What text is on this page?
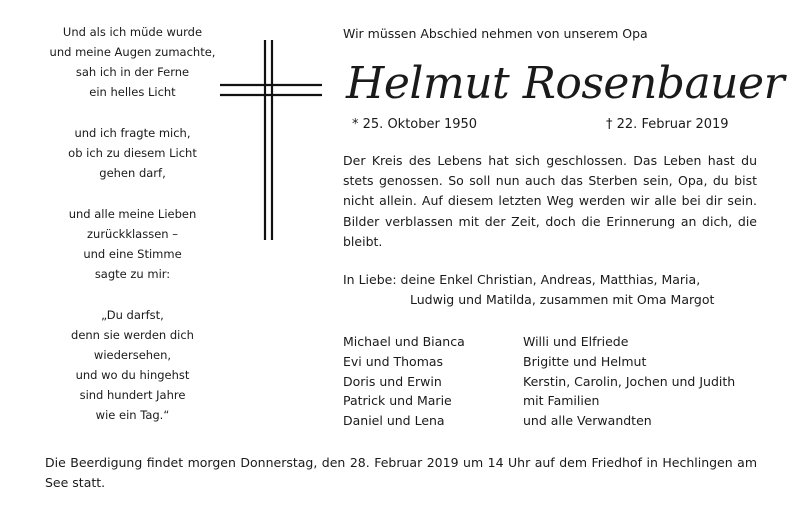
Und als ich müde wurde
und meine Augen zumachte,
sah ich in der Ferne
ein helles Licht
und ich fragte mich,
ob ich zu diesem Licht
gehen darf,
und alle meine Lieben
zurückklassen –
und eine Stimme
sagte zu mir:
„Du darfst,
denn sie werden dich
wiedersehen,
und wo du hingehst
sind hundert Jahre
wie ein Tag.“
Wir müssen Abschied nehmen von unserem Opa
Helmut Rosenbauer
* 25. Oktober 1950	† 22. Februar 2019
Der Kreis des Lebens hat sich geschlossen. Das Leben hast du stets genossen. So soll nun auch das Sterben sein, Opa, du bist nicht allein. Auf diesem letzten Weg werden wir alle bei dir sein. Bilder verblassen mit der Zeit, doch die Erinnerung an dich, die bleibt.
In Liebe: deine Enkel Christian, Andreas, Matthias, Maria,
Ludwig und Matilda, zusammen mit Oma Margot
Michael und Bianca
Evi und Thomas
Doris und Erwin
Patrick und Marie
Daniel und Lena
Willi und Elfriede
Brigitte und Helmut
Kerstin, Carolin, Jochen und Judith
mit Familien
und alle Verwandten
Die Beerdigung findet morgen Donnerstag, den 28. Februar 2019 um 14 Uhr auf dem Friedhof in Hechlingen am See statt.
